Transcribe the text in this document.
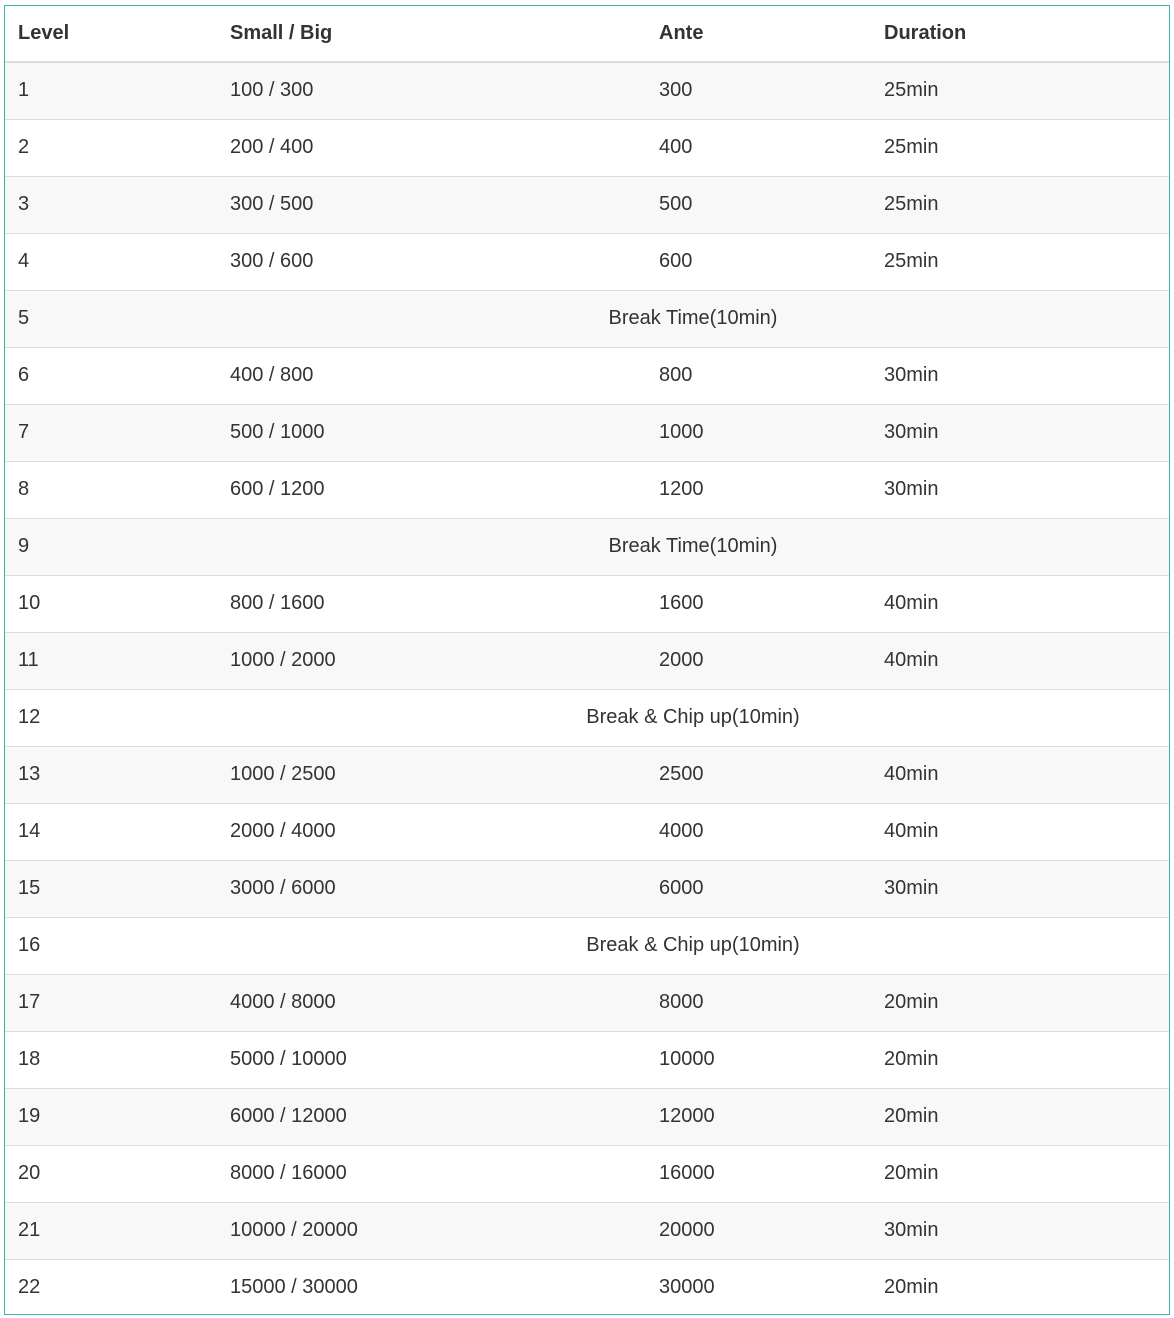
Level	Small / Big	Ante	Duration
1	100 / 300	300	25min
2	200 / 400	400	25min
3	300 / 500	500	25min
4	300 / 600	600	25min
5	Break Time(10min)		
6	400 / 800	800	30min
7	500 / 1000	1000	30min
8	600 / 1200	1200	30min
9	Break Time(10min)		
10	800 / 1600	1600	40min
11	1000 / 2000	2000	40min
12	Break & Chip up(10min)		
13	1000 / 2500	2500	40min
14	2000 / 4000	4000	40min
15	3000 / 6000	6000	30min
16	Break & Chip up(10min)		
17	4000 / 8000	8000	20min
18	5000 / 10000	10000	20min
19	6000 / 12000	12000	20min
20	8000 / 16000	16000	20min
21	10000 / 20000	20000	30min
22	15000 / 30000	30000	20min
